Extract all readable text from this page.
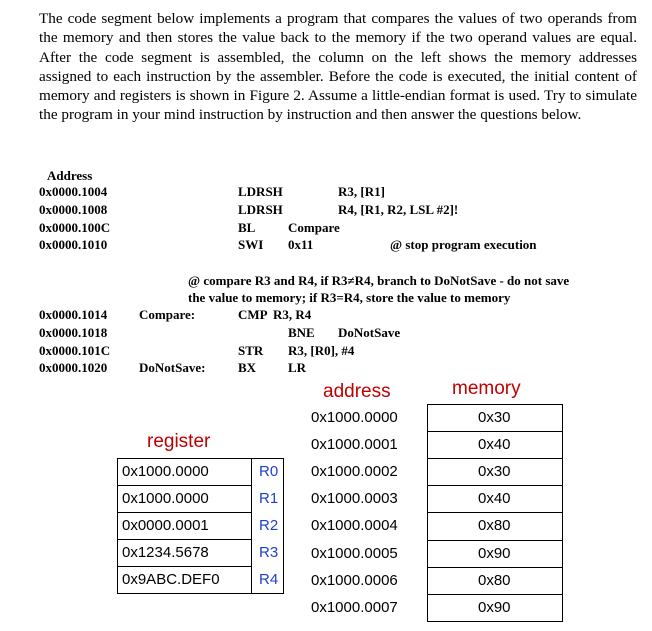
The code segment below implements a program that compares the values of two operands from the memory and then stores the value back to the memory if the two operand values are equal. After the code segment is assembled, the column on the left shows the memory addresses assigned to each instruction by the assembler. Before the code is executed, the initial content of memory and registers is shown in Figure 2. Assume a little-endian format is used. Try to simulate the program in your mind instruction by instruction and then answer the questions below.
Address
0x0000.1004	LDRSH	R3, [R1]
0x0000.1008	LDRSH	R4, [R1, R2, LSL #2]!
0x0000.100C	BL	Compare
0x0000.1010	SWI 0x11	@ stop program execution
@ compare R3 and R4, if R3≠R4, branch to DoNotSave - do not save
the value to memory; if R3=R4, store the value to memory
0x0000.1014 Compare:	CMP R3, R4
0x0000.1018	BNE DoNotSave
0x0000.101C	STR R3, [R0], #4
0x0000.1020 DoNotSave:	BX LR
address	memory
register
0x1000.0000	R0
0x1000.0000	R1
0x0000.0001	R2
0x1234.5678	R3
0x9ABC.DEF0	R4
0x1000.0000	0x30
0x1000.0001	0x40
0x1000.0002	0x30
0x1000.0003	0x40
0x1000.0004	0x80
0x1000.0005	0x90
0x1000.0006	0x80
0x1000.0007	0x90
